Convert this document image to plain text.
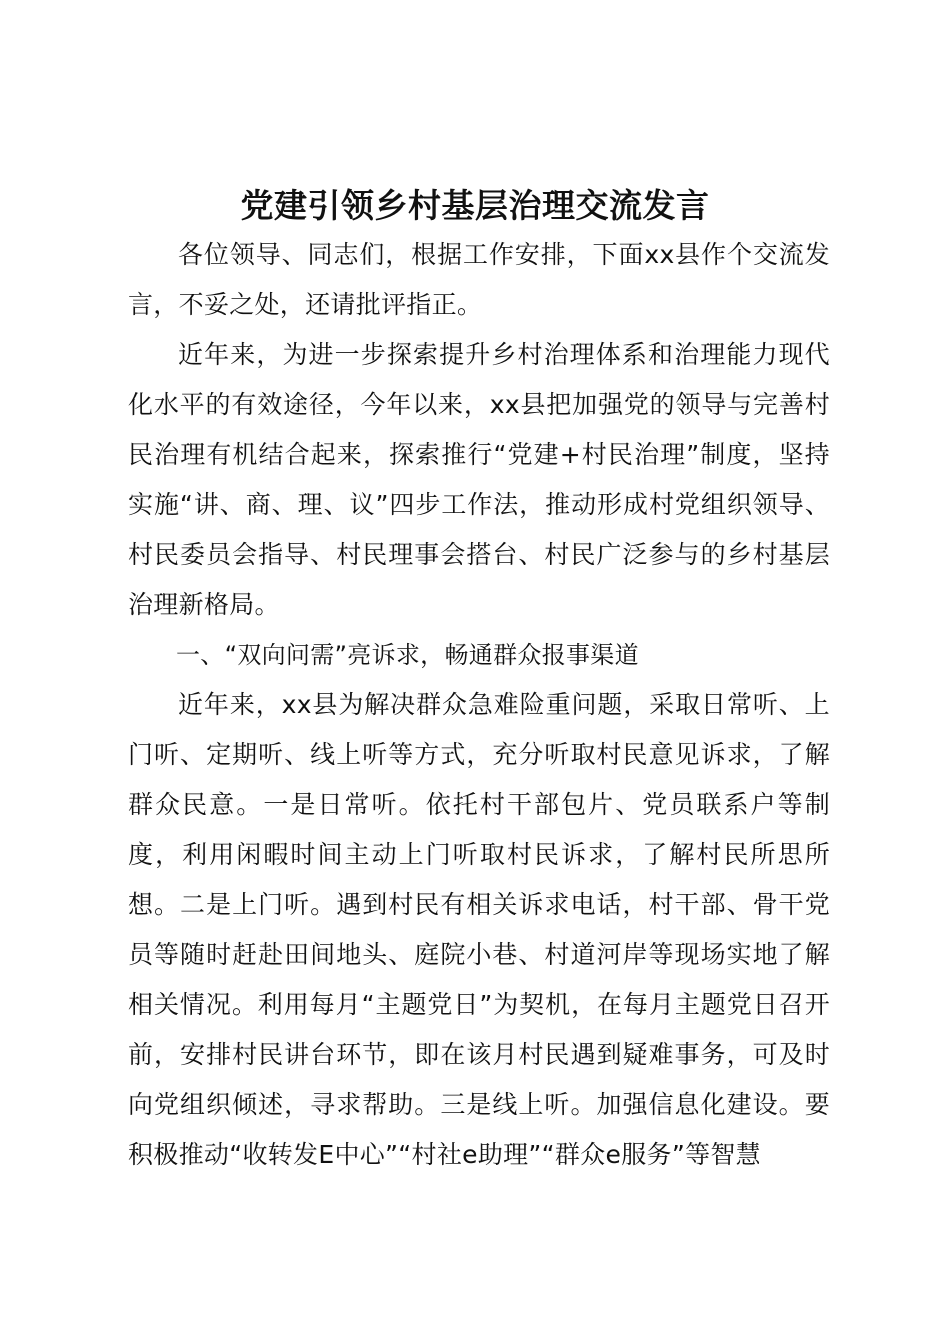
党建引领乡村基层治理交流发言

各位领导、同志们，根据工作安排，下面xx县作个交流发言，不妥之处，还请批评指正。

近年来，为进一步探索提升乡村治理体系和治理能力现代化水平的有效途径，今年以来，xx县把加强党的领导与完善村民治理有机结合起来，探索推行“党建+村民治理”制度，坚持实施“讲、商、理、议”四步工作法，推动形成村党组织领导、村民委员会指导、村民理事会搭台、村民广泛参与的乡村基层治理新格局。

一、“双向问需”亮诉求，畅通群众报事渠道

近年来，xx县为解决群众急难险重问题，采取日常听、上门听、定期听、线上听等方式，充分听取村民意见诉求，了解群众民意。一是日常听。依托村干部包片、党员联系户等制度，利用闲暇时间主动上门听取村民诉求，了解村民所思所想。二是上门听。遇到村民有相关诉求电话，村干部、骨干党员等随时赶赴田间地头、庭院小巷、村道河岸等现场实地了解相关情况。利用每月“主题党日”为契机，在每月主题党日召开前，安排村民讲台环节，即在该月村民遇到疑难事务，可及时向党组织倾述，寻求帮助。三是线上听。加强信息化建设。要积极推动“收转发E中心”“村社e助理”“群众e服务”等智慧
